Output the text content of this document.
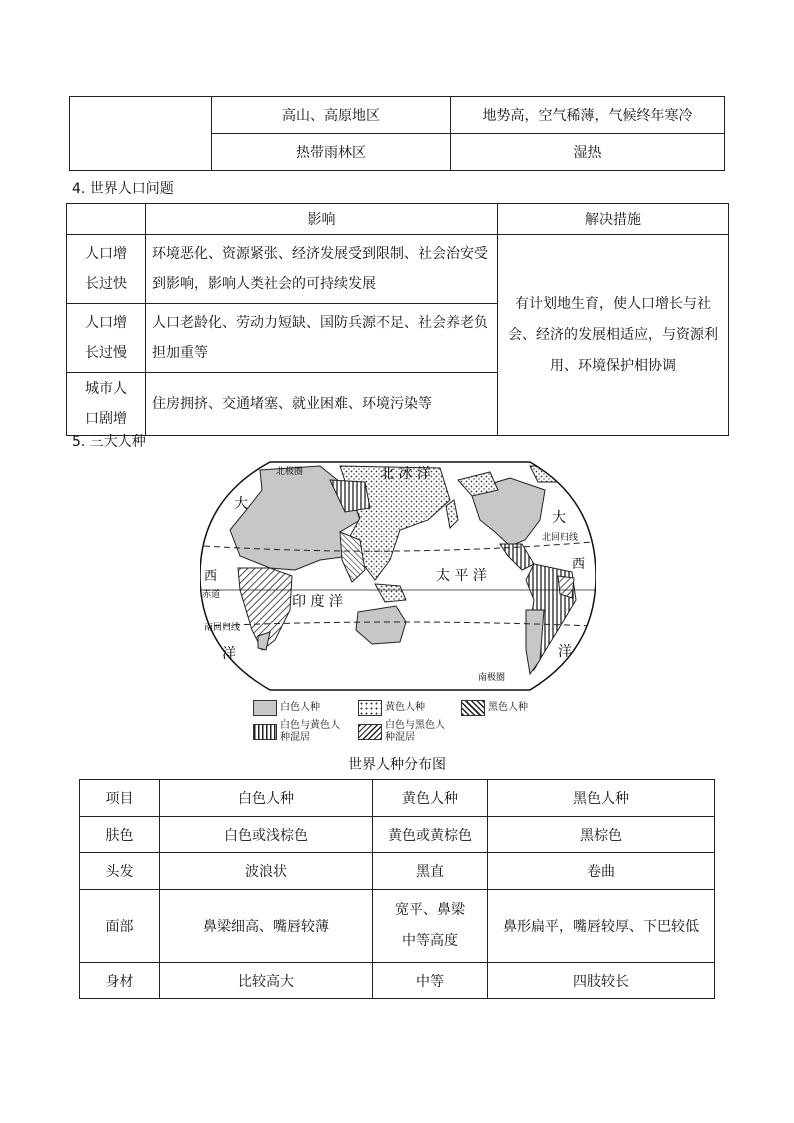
	高山、高原地区	地势高，空气稀薄，气候终年寒冷
	热带雨林区	湿热
4. 世界人口问题
	影响	解决措施
人口增长过快	环境恶化、资源紧张、经济发展受到限制、社会治安受到影响，影响人类社会的可持续发展	有计划地生育，使人口增长与社会、经济的发展相适应，与资源利用、环境保护相协调
人口增长过慢	人口老龄化、劳动力短缺、国防兵源不足、社会养老负担加重等	
城市人口剧增	住房拥挤、交通堵塞、就业困难、环境污染等	
5. 三大人种
北极圈	北 冰 洋
大
西
洋
大
西
洋
太 平 洋
印 度 洋
赤道
南回归线
北回归线
南极圈
白色人种	黄色人种	黑色人种
白色与黄色人种混居
白色与黑色人种混居
世界人种分布图
项目	白色人种	黄色人种	黑色人种
肤色	白色或浅棕色	黄色或黄棕色	黑棕色
头发	波浪状	黑直	卷曲
面部	鼻梁细高、嘴唇较薄	宽平、鼻梁中等高度	鼻形扁平，嘴唇较厚、下巴较低
身材	比较高大	中等	四肢较长
